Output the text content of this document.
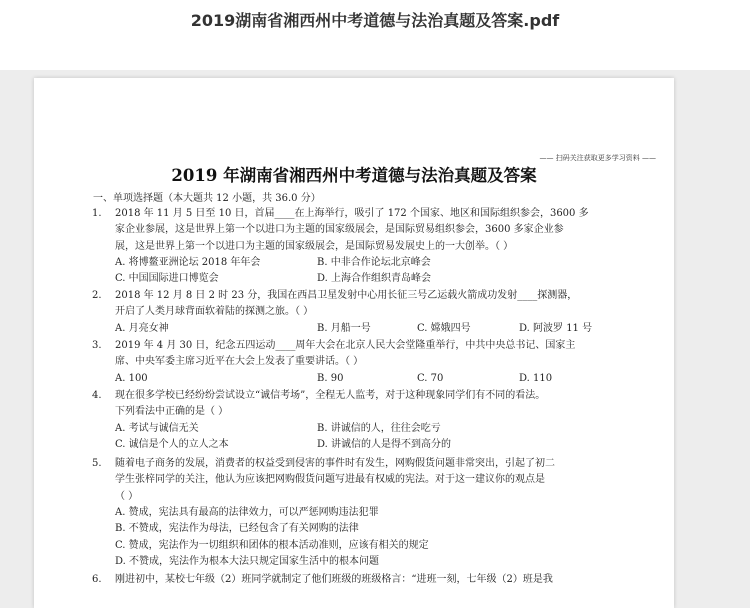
2019湖南省湘西州中考道德与法治真题及答案.pdf
—— 扫码关注获取更多学习资料 ——
2019 年湖南省湘西州中考道德与法治真题及答案
一、单项选择题（本大题共 12 小题，共 36.0 分）
1. 2018 年 11 月 5 日至 10 日，首届____在上海举行，吸引了 172 个国家、地区和国际组织参会，3600 多
家企业参展，这是世界上第一个以进口为主题的国家级展会，是国际贸易组织参会，3600 多家企业参
展，这是世界上第一个以进口为主题的国家级展会，是国际贸易发展史上的一大创举。（ ）
A. 将博鳌亚洲论坛 2018 年年会	B. 中非合作论坛北京峰会
C. 中国国际进口博览会	D. 上海合作组织青岛峰会
2. 2018 年 12 月 8 日 2 时 23 分，我国在西昌卫星发射中心用长征三号乙运载火箭成功发射____探测器，
开启了人类月球背面软着陆的探测之旅。（ ）
A. 月亮女神	B. 月船一号	C. 嫦娥四号	D. 阿波罗 11 号
3. 2019 年 4 月 30 日，纪念五四运动____周年大会在北京人民大会堂隆重举行，中共中央总书记、国家主
席、中央军委主席习近平在大会上发表了重要讲话。（ ）
A. 100	B. 90	C. 70	D. 110
4. 现在很多学校已经纷纷尝试设立“诚信考场”，全程无人监考，对于这种现象同学们有不同的看法。
下列看法中正确的是（ ）
A. 考试与诚信无关	B. 讲诚信的人，往往会吃亏
C. 诚信是个人的立人之本	D. 讲诚信的人是得不到高分的
5. 随着电子商务的发展，消费者的权益受到侵害的事件时有发生，网购假货问题非常突出，引起了初二
学生张梓同学的关注，他认为应该把网购假货问题写进最有权威的宪法。对于这一建议你的观点是
（ ）
A. 赞成，宪法具有最高的法律效力，可以严惩网购违法犯罪
B. 不赞成，宪法作为母法，已经包含了有关网购的法律
C. 赞成，宪法作为一切组织和团体的根本活动准则，应该有相关的规定
D. 不赞成，宪法作为根本大法只规定国家生活中的根本问题
6. 刚进初中，某校七年级（2）班同学就制定了他们班级的班级格言：“进班一刻，七年级（2）班是我
